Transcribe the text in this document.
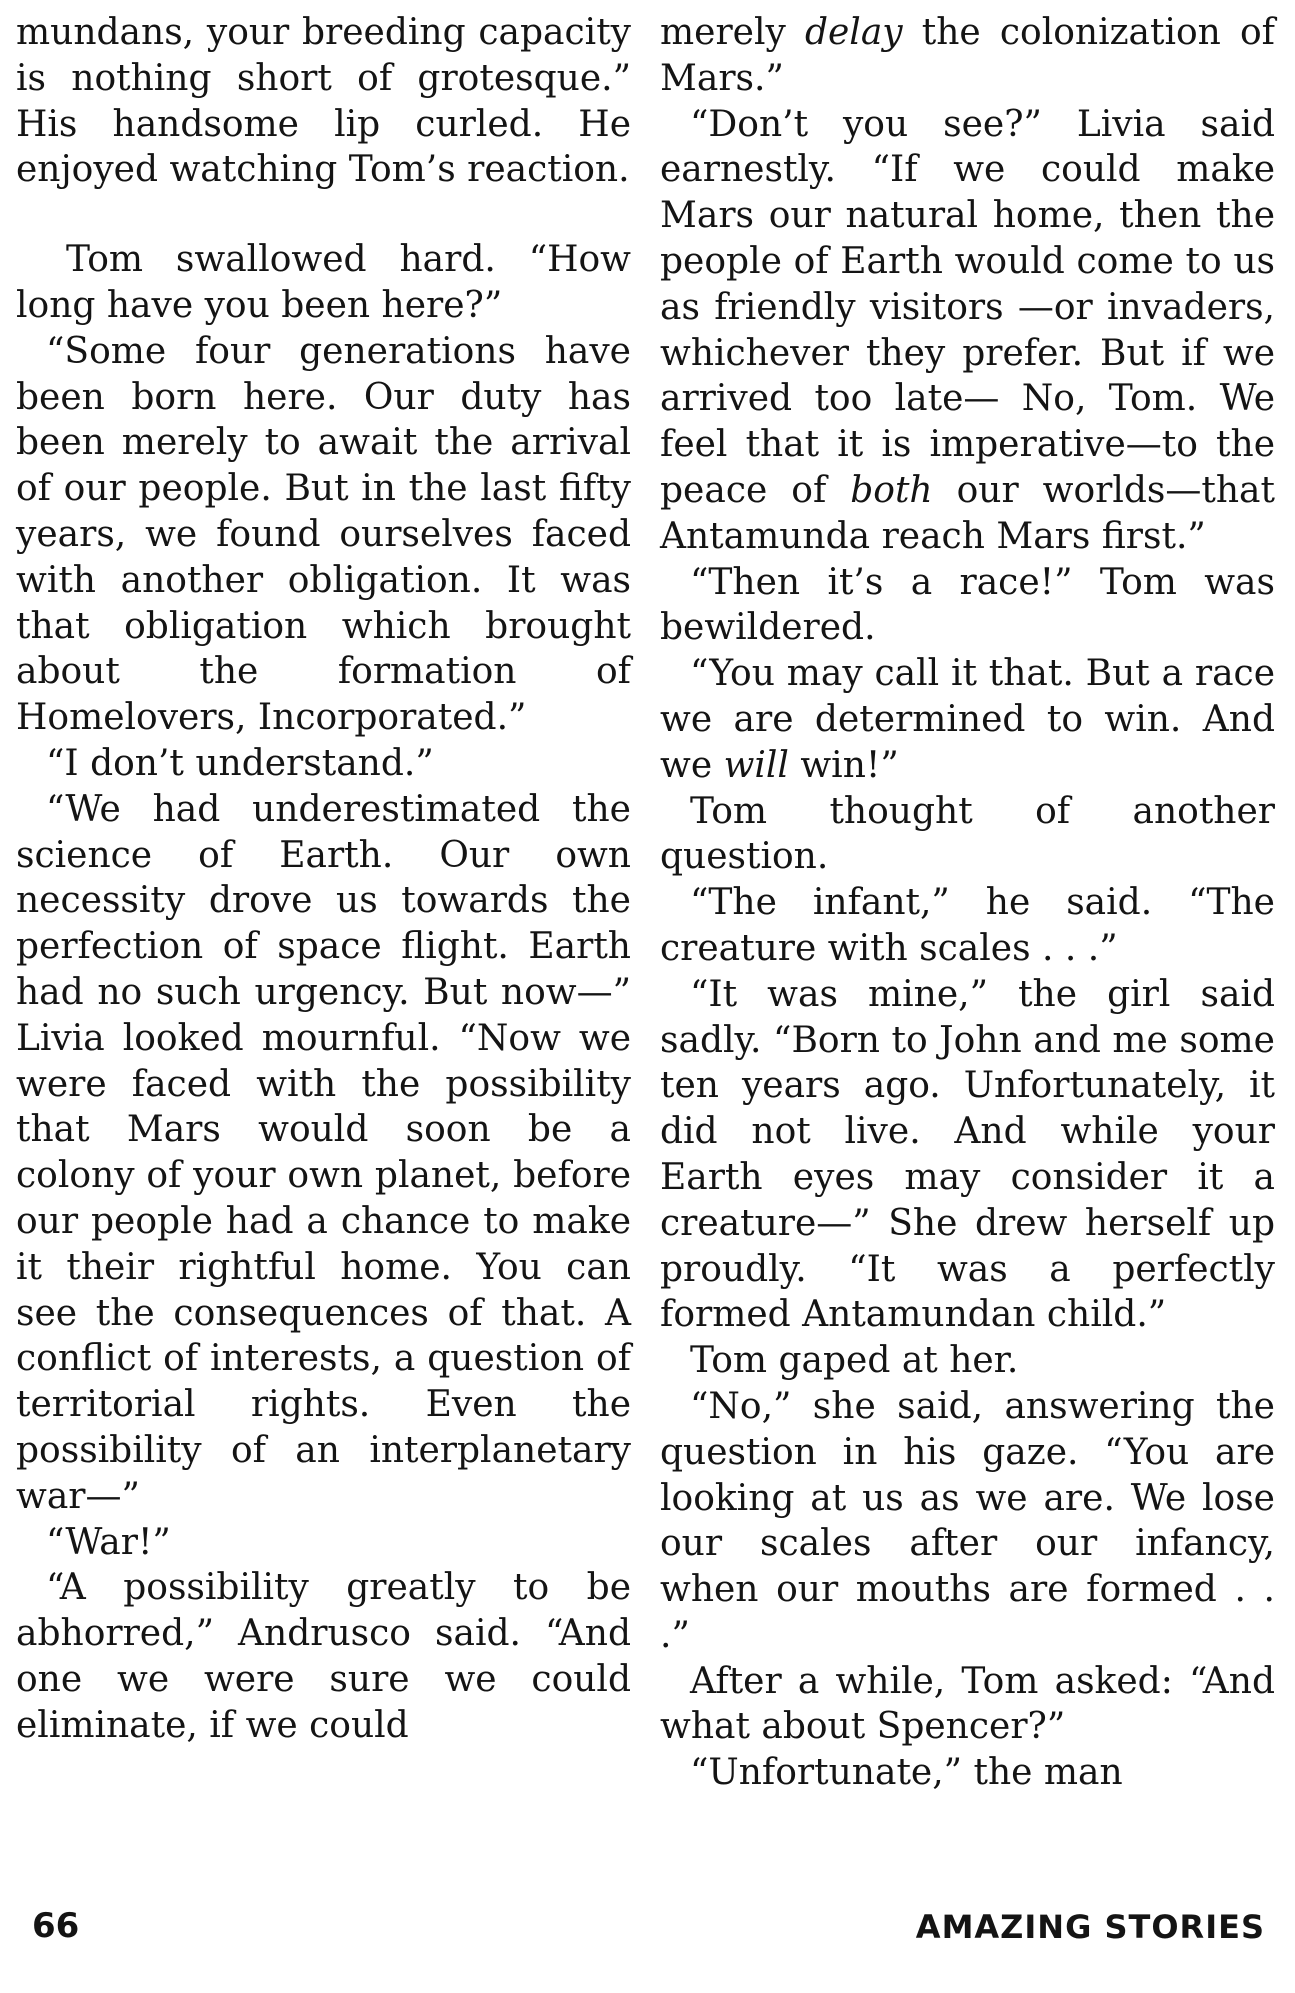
mundans, your breeding capacity is nothing short of grotesque.” His handsome lip curled. He enjoyed watching Tom’s reaction.

Tom swallowed hard. “How long have you been here?”

“Some four generations have been born here. Our duty has been merely to await the arrival of our people. But in the last fifty years, we found ourselves faced with another obligation. It was that obligation which brought about the formation of Homelovers, Incorporated.”

“I don’t understand.”

“We had underestimated the science of Earth. Our own necessity drove us towards the perfection of space flight. Earth had no such urgency. But now—” Livia looked mournful. “Now we were faced with the possibility that Mars would soon be a colony of your own planet, before our people had a chance to make it their rightful home. You can see the consequences of that. A conflict of interests, a question of territorial rights. Even the possibility of an interplanetary war—”

“War!”

“A possibility greatly to be abhorred,” Andrusco said. “And one we were sure we could eliminate, if we could

merely delay the colonization of Mars.”

“Don’t you see?” Livia said earnestly. “If we could make Mars our natural home, then the people of Earth would come to us as friendly visitors —or invaders, whichever they prefer. But if we arrived too late— No, Tom. We feel that it is imperative—to the peace of both our worlds—that Antamunda reach Mars first.”

“Then it’s a race!” Tom was bewildered.

“You may call it that. But a race we are determined to win. And we will win!”

Tom thought of another question.

“The infant,” he said. “The creature with scales . . .”

“It was mine,” the girl said sadly. “Born to John and me some ten years ago. Unfortunately, it did not live. And while your Earth eyes may consider it a creature—” She drew herself up proudly. “It was a perfectly formed Antamundan child.”

Tom gaped at her.

“No,” she said, answering the question in his gaze. “You are looking at us as we are. We lose our scales after our infancy, when our mouths are formed . . .”

After a while, Tom asked: “And what about Spencer?”

“Unfortunate,” the man

66	AMAZING STORIES
